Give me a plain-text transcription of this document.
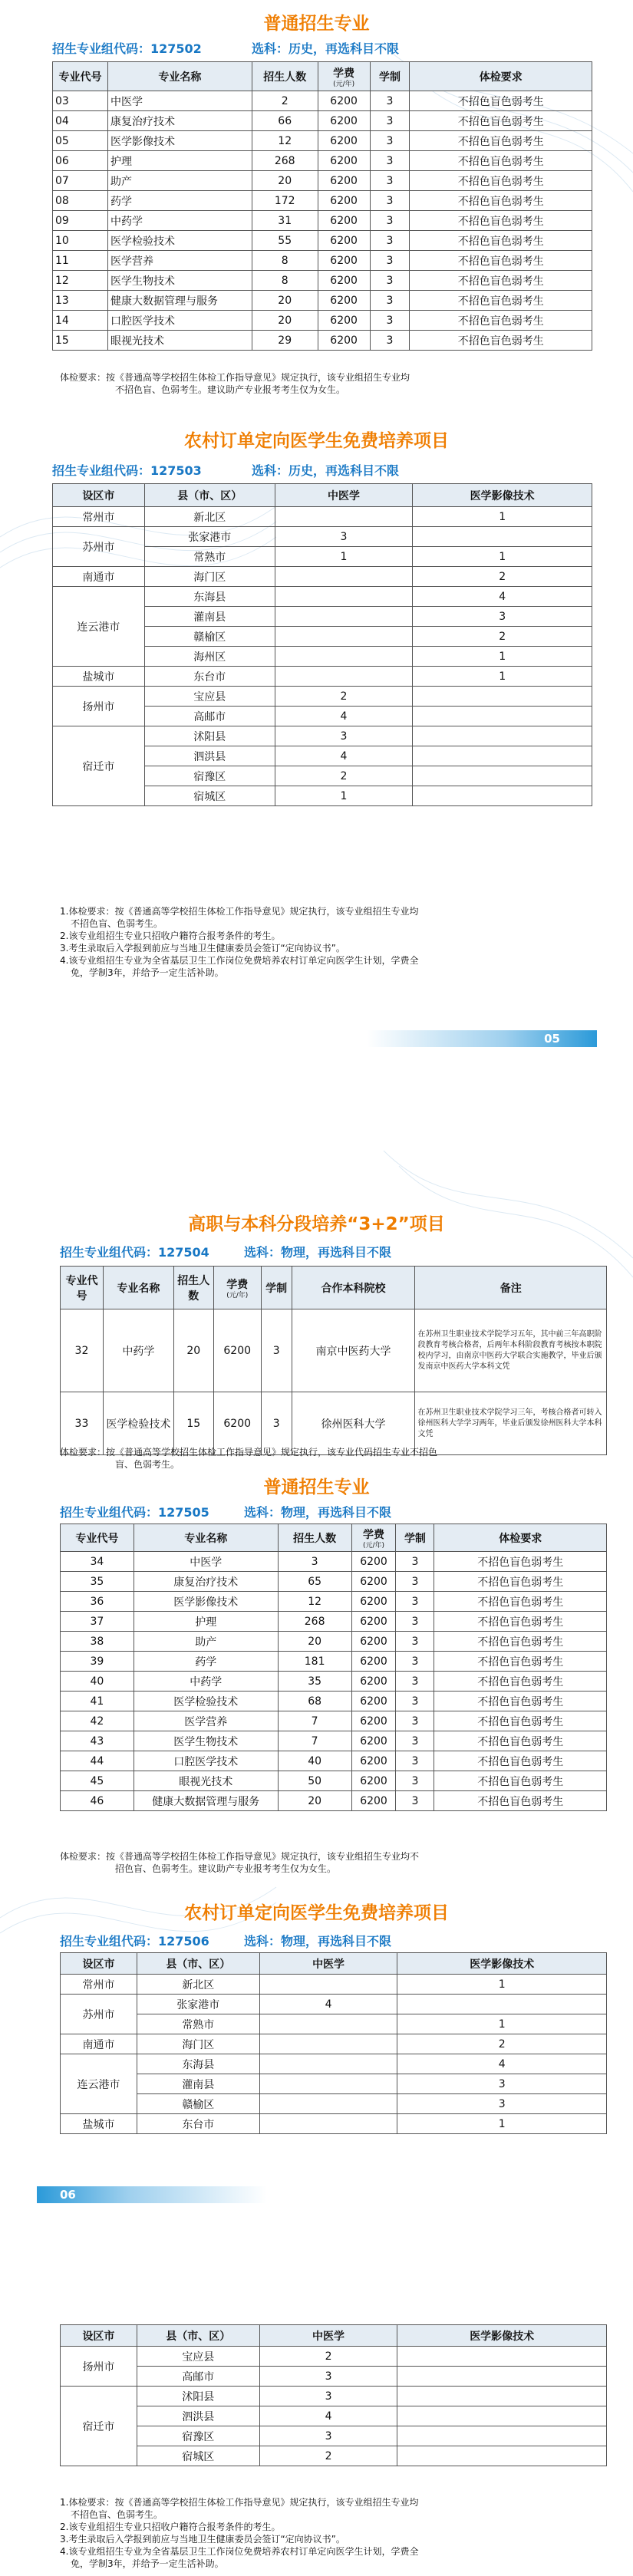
普通招生专业
招生专业组代码：127502	选科：历史，再选科目不限
专业代号	专业名称	招生人数	学费
(元/年)	学制	体检要求
03	中医学	2	6200	3	不招色盲色弱考生
04	康复治疗技术	66	6200	3	不招色盲色弱考生
05	医学影像技术	12	6200	3	不招色盲色弱考生
06	护理	268	6200	3	不招色盲色弱考生
07	助产	20	6200	3	不招色盲色弱考生
08	药学	172	6200	3	不招色盲色弱考生
09	中药学	31	6200	3	不招色盲色弱考生
10	医学检验技术	55	6200	3	不招色盲色弱考生
11	医学营养	8	6200	3	不招色盲色弱考生
12	医学生物技术	8	6200	3	不招色盲色弱考生
13	健康大数据管理与服务	20	6200	3	不招色盲色弱考生
14	口腔医学技术	20	6200	3	不招色盲色弱考生
15	眼视光技术	29	6200	3	不招色盲色弱考生
体检要求：按《普通高等学校招生体检工作指导意见》规定执行，该专业组招生专业均
不招色盲、色弱考生。建议助产专业报考考生仅为女生。
农村订单定向医学生免费培养项目
招生专业组代码：127503	选科：历史，再选科目不限
设区市	县（市、区）	中医学	医学影像技术
常州市	新北区		1
苏州市	张家港市	3	
	常熟市	1	1
南通市	海门区		2
连云港市	东海县		4
	灌南县		3
	赣榆区		2
	海州区		1
盐城市	东台市		1
扬州市	宝应县	2	
	高邮市	4	
宿迁市	沭阳县	3	
	泗洪县	4	
	宿豫区	2	
	宿城区	1	
1.体检要求：按《普通高等学校招生体检工作指导意见》规定执行，该专业组招生专业均
不招色盲、色弱考生。
2.该专业组招生专业只招收户籍符合报考条件的考生。
3.考生录取后入学报到前应与当地卫生健康委员会签订“定向协议书”。
4.该专业组招生专业为全省基层卫生工作岗位免费培养农村订单定向医学生计划，学费全
免，学制3年，并给予一定生活补助。
05
高职与本科分段培养“3+2”项目
招生专业组代码：127504	选科：物理，再选科目不限
专业代号	专业名称	招生人数	学费
(元/年)	学制	合作本科院校	备注
32	中药学	20	6200	3	南京中医药大学	在苏州卫生职业技术学院学习五年，其中前三年高职阶段教育考核合格者，后两年本科阶段教育考核按本职院校内学习，由南京中医药大学联合实施教学，毕业后颁发南京中医药大学本科文凭
33	医学检验技术	15	6200	3	徐州医科大学	在苏州卫生职业技术学院学习三年，考核合格者可转入徐州医科大学学习两年，毕业后颁发徐州医科大学本科文凭
体检要求：按《普通高等学校招生体检工作指导意见》规定执行，该专业代码招生专业不招色
盲、色弱考生。
普通招生专业
招生专业组代码：127505	选科：物理，再选科目不限
专业代号	专业名称	招生人数	学费
(元/年)	学制	体检要求
34	中医学	3	6200	3	不招色盲色弱考生
35	康复治疗技术	65	6200	3	不招色盲色弱考生
36	医学影像技术	12	6200	3	不招色盲色弱考生
37	护理	268	6200	3	不招色盲色弱考生
38	助产	20	6200	3	不招色盲色弱考生
39	药学	181	6200	3	不招色盲色弱考生
40	中药学	35	6200	3	不招色盲色弱考生
41	医学检验技术	68	6200	3	不招色盲色弱考生
42	医学营养	7	6200	3	不招色盲色弱考生
43	医学生物技术	7	6200	3	不招色盲色弱考生
44	口腔医学技术	40	6200	3	不招色盲色弱考生
45	眼视光技术	50	6200	3	不招色盲色弱考生
46	健康大数据管理与服务	20	6200	3	不招色盲色弱考生
体检要求：按《普通高等学校招生体检工作指导意见》规定执行，该专业组招生专业均不
招色盲、色弱考生。建议助产专业报考考生仅为女生。
农村订单定向医学生免费培养项目
招生专业组代码：127506	选科：物理，再选科目不限
设区市	县（市、区）	中医学	医学影像技术
常州市	新北区		1
苏州市	张家港市	4	
	常熟市		1
南通市	海门区		2
连云港市	东海县		4
	灌南县		3
	赣榆区		3
盐城市	东台市		1
06
设区市	县（市、区）	中医学	医学影像技术
扬州市	宝应县	2	
	高邮市	3	
宿迁市	沭阳县	3	
	泗洪县	4	
	宿豫区	3	
	宿城区	2	
1.体检要求：按《普通高等学校招生体检工作指导意见》规定执行，该专业组招生专业均
不招色盲、色弱考生。
2.该专业组招生专业只招收户籍符合报考条件的考生。
3.考生录取后入学报到前应与当地卫生健康委员会签订“定向协议书”。
4.该专业组招生专业为全省基层卫生工作岗位免费培养农村订单定向医学生计划，学费全
免，学制3年，并给予一定生活补助。
